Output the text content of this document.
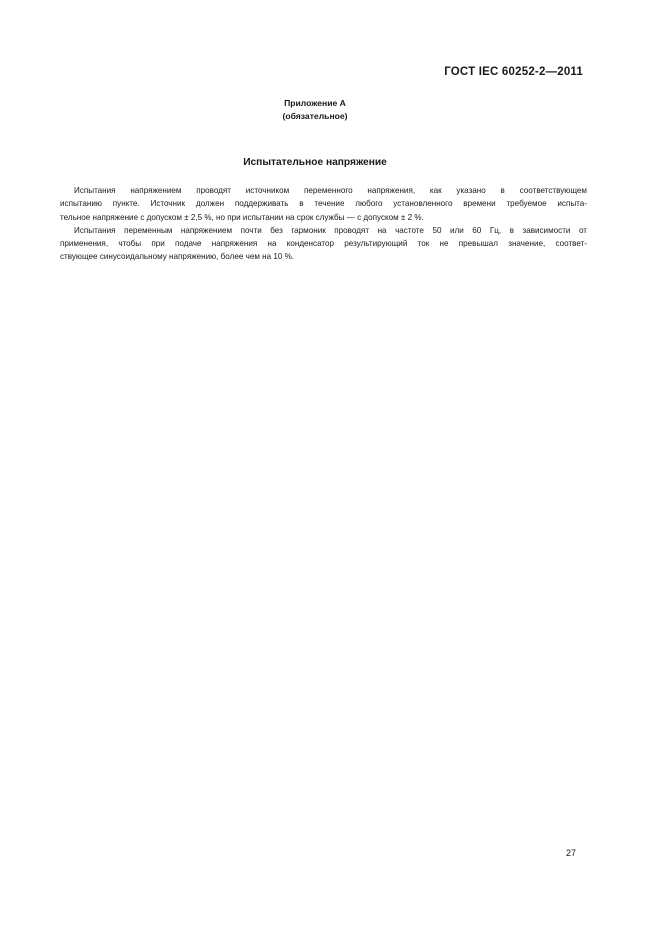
ГОСТ IEC 60252-2—2011
Приложение А
(обязательное)
Испытательное напряжение

Испытания напряжением проводят источником переменного напряжения, как указано в соответствующем
испытанию пункте. Источник должен поддерживать в течение любого установленного времени требуемое испыта-
тельное напряжение с допуском ± 2,5 %, но при испытании на срок службы — с допуском ± 2 %.

Испытания переменным напряжением почти без гармоник проводят на частоте 50 или 60 Гц, в зависимости от
применения, чтобы при подаче напряжения на конденсатор результирующий ток не превышал значение, соответ-
ствующее синусоидальному напряжению, более чем на 10 %.

27
